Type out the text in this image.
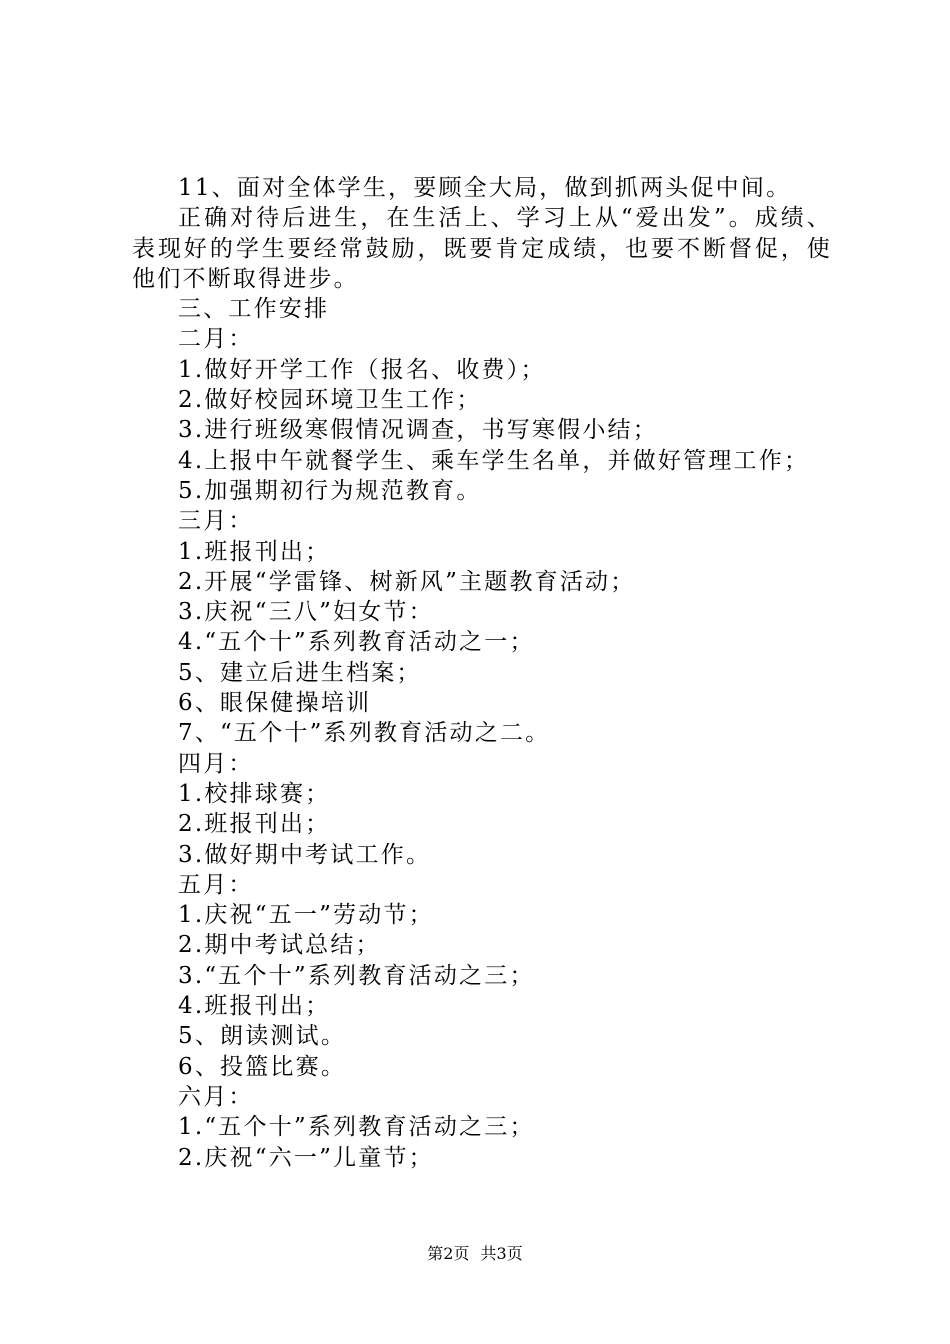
11、面对全体学生，要顾全大局，做到抓两头促中间。
正确对待后进生，在生活上、学习上从“爱出发”。成绩、表现好的学生要经常鼓励，既要肯定成绩，也要不断督促，使他们不断取得进步。
三、工作安排
二月：
1.做好开学工作（报名、收费）；
2.做好校园环境卫生工作；
3.进行班级寒假情况调查，书写寒假小结；
4.上报中午就餐学生、乘车学生名单，并做好管理工作；
5.加强期初行为规范教育。
三月：
1.班报刊出；
2.开展“学雷锋、树新风”主题教育活动；
3.庆祝“三八”妇女节：
4.“五个十”系列教育活动之一；
5、建立后进生档案；
6、眼保健操培训
7、“五个十”系列教育活动之二。
四月：
1.校排球赛；
2.班报刊出；
3.做好期中考试工作。
五月：
1.庆祝“五一”劳动节；
2.期中考试总结；
3.“五个十”系列教育活动之三；
4.班报刊出；
5、朗读测试。
6、投篮比赛。
六月：
1.“五个十”系列教育活动之三；
2.庆祝“六一”儿童节；
第2页 共3页
